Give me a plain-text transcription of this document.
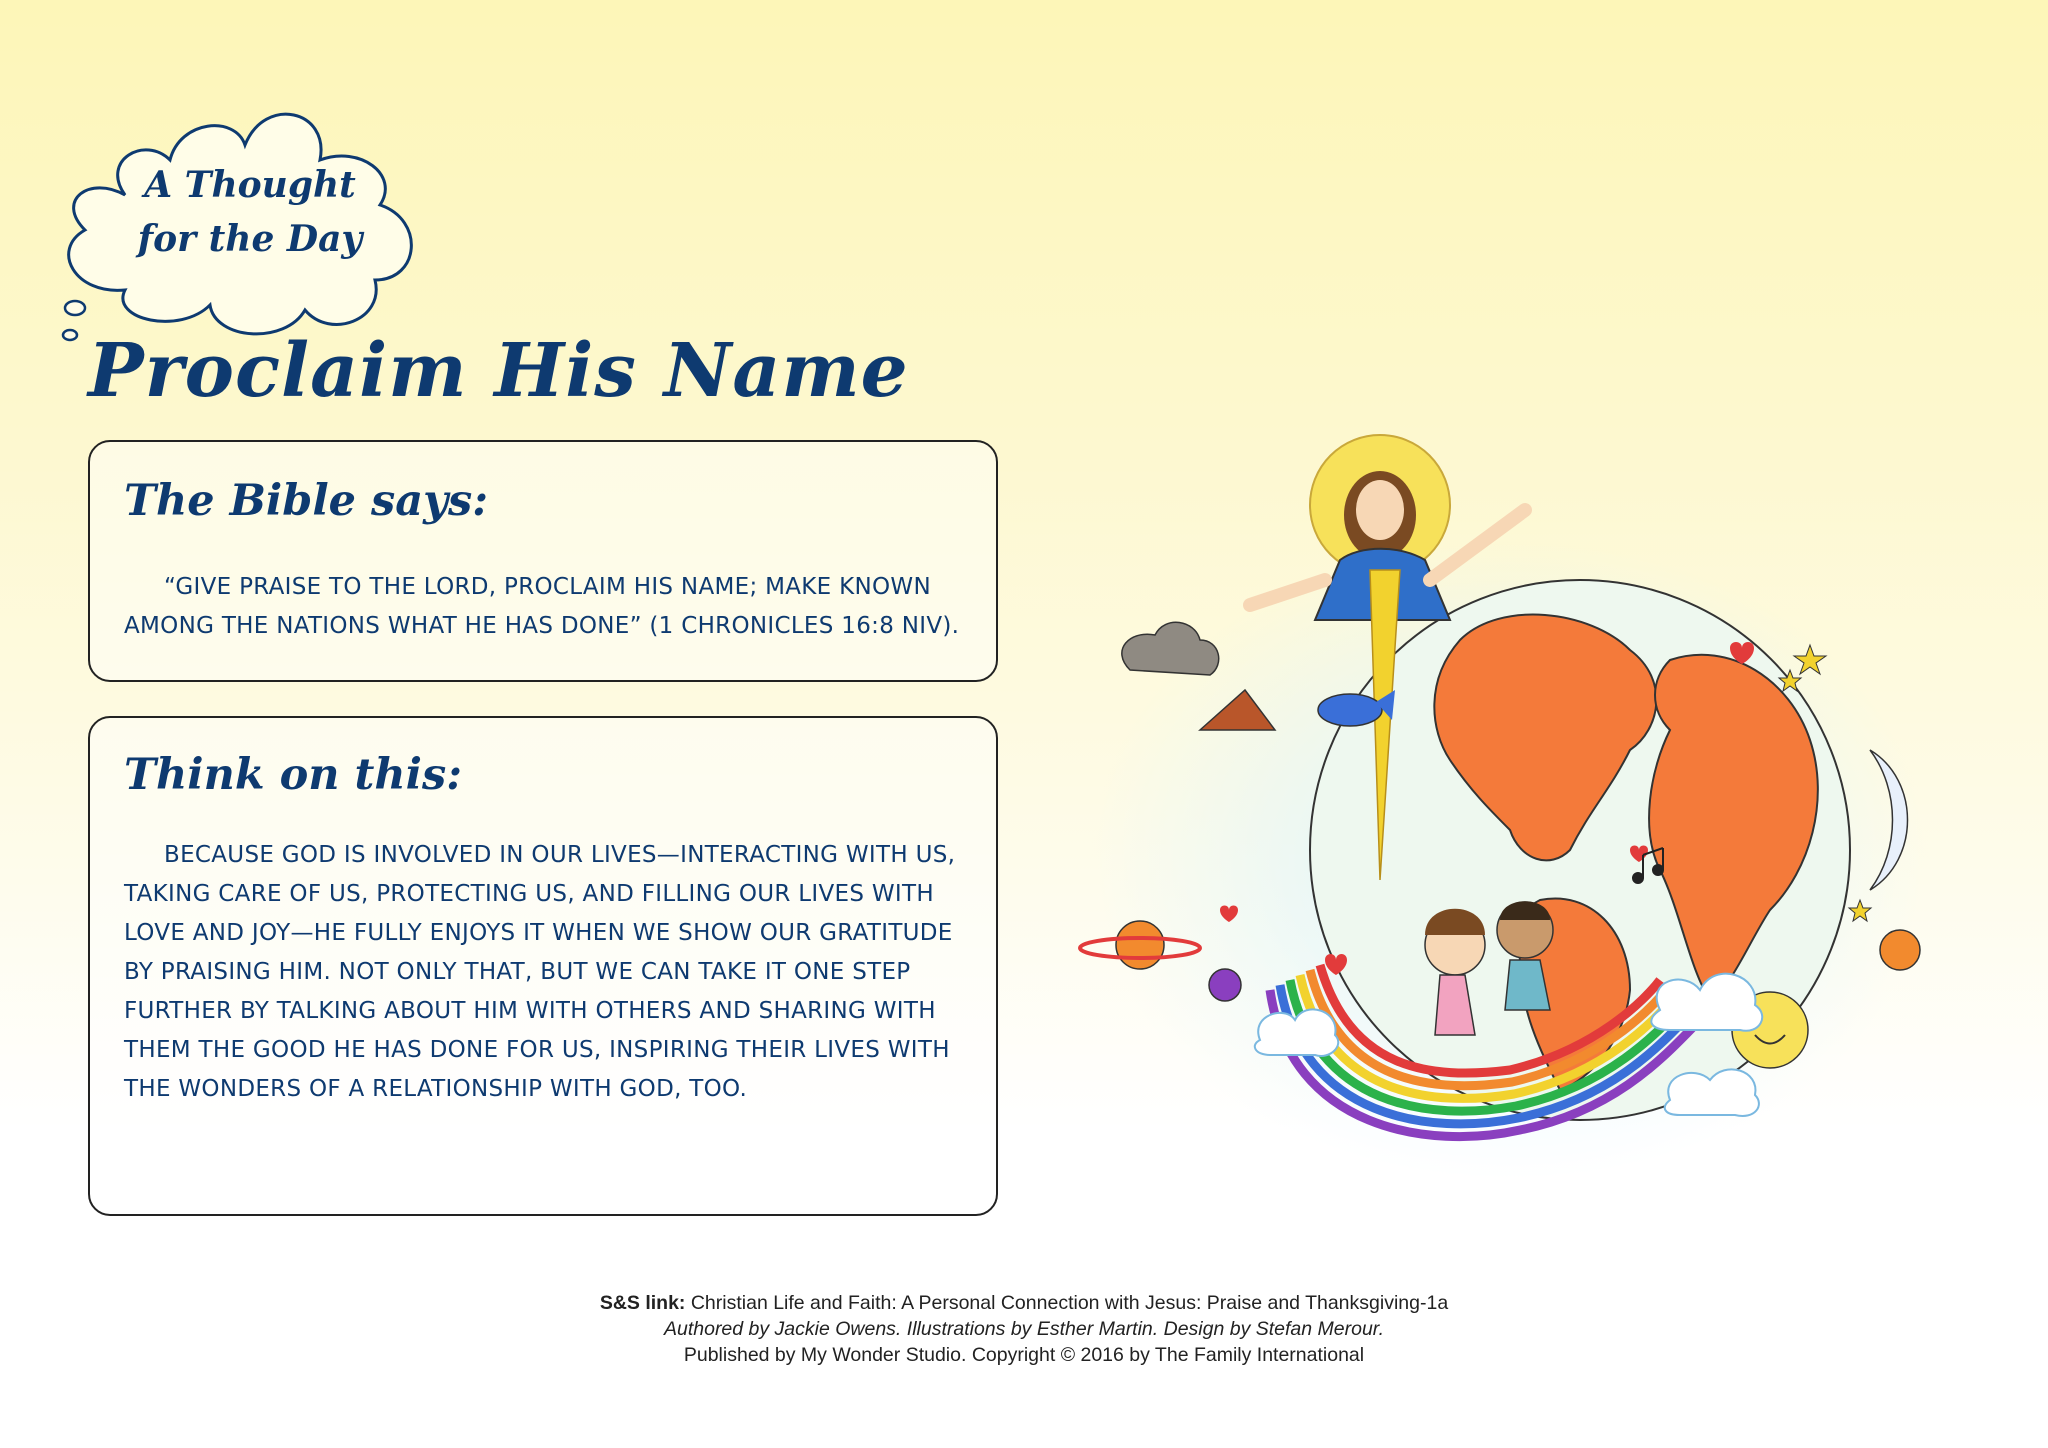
A Thought
for the Day
Proclaim His Name
The Bible says:

“GIVE PRAISE TO THE LORD, PROCLAIM HIS NAME; MAKE KNOWN AMONG THE NATIONS WHAT HE HAS DONE” (1 CHRONICLES 16:8 NIV).

Think on this:

BECAUSE GOD IS INVOLVED IN OUR LIVES—INTERACTING WITH US, TAKING CARE OF US, PROTECTING US, AND FILLING OUR LIVES WITH LOVE AND JOY—HE FULLY ENJOYS IT WHEN WE SHOW OUR GRATITUDE BY PRAISING HIM. NOT ONLY THAT, BUT WE CAN TAKE IT ONE STEP FURTHER BY TALKING ABOUT HIM WITH OTHERS AND SHARING WITH THEM THE GOOD HE HAS DONE FOR US, INSPIRING THEIR LIVES WITH THE WONDERS OF A RELATIONSHIP WITH GOD, TOO.

S&S link: Christian Life and Faith: A Personal Connection with Jesus: Praise and Thanksgiving-1a
Authored by Jackie Owens. Illustrations by Esther Martin. Design by Stefan Merour.
Published by My Wonder Studio. Copyright © 2016 by The Family International
